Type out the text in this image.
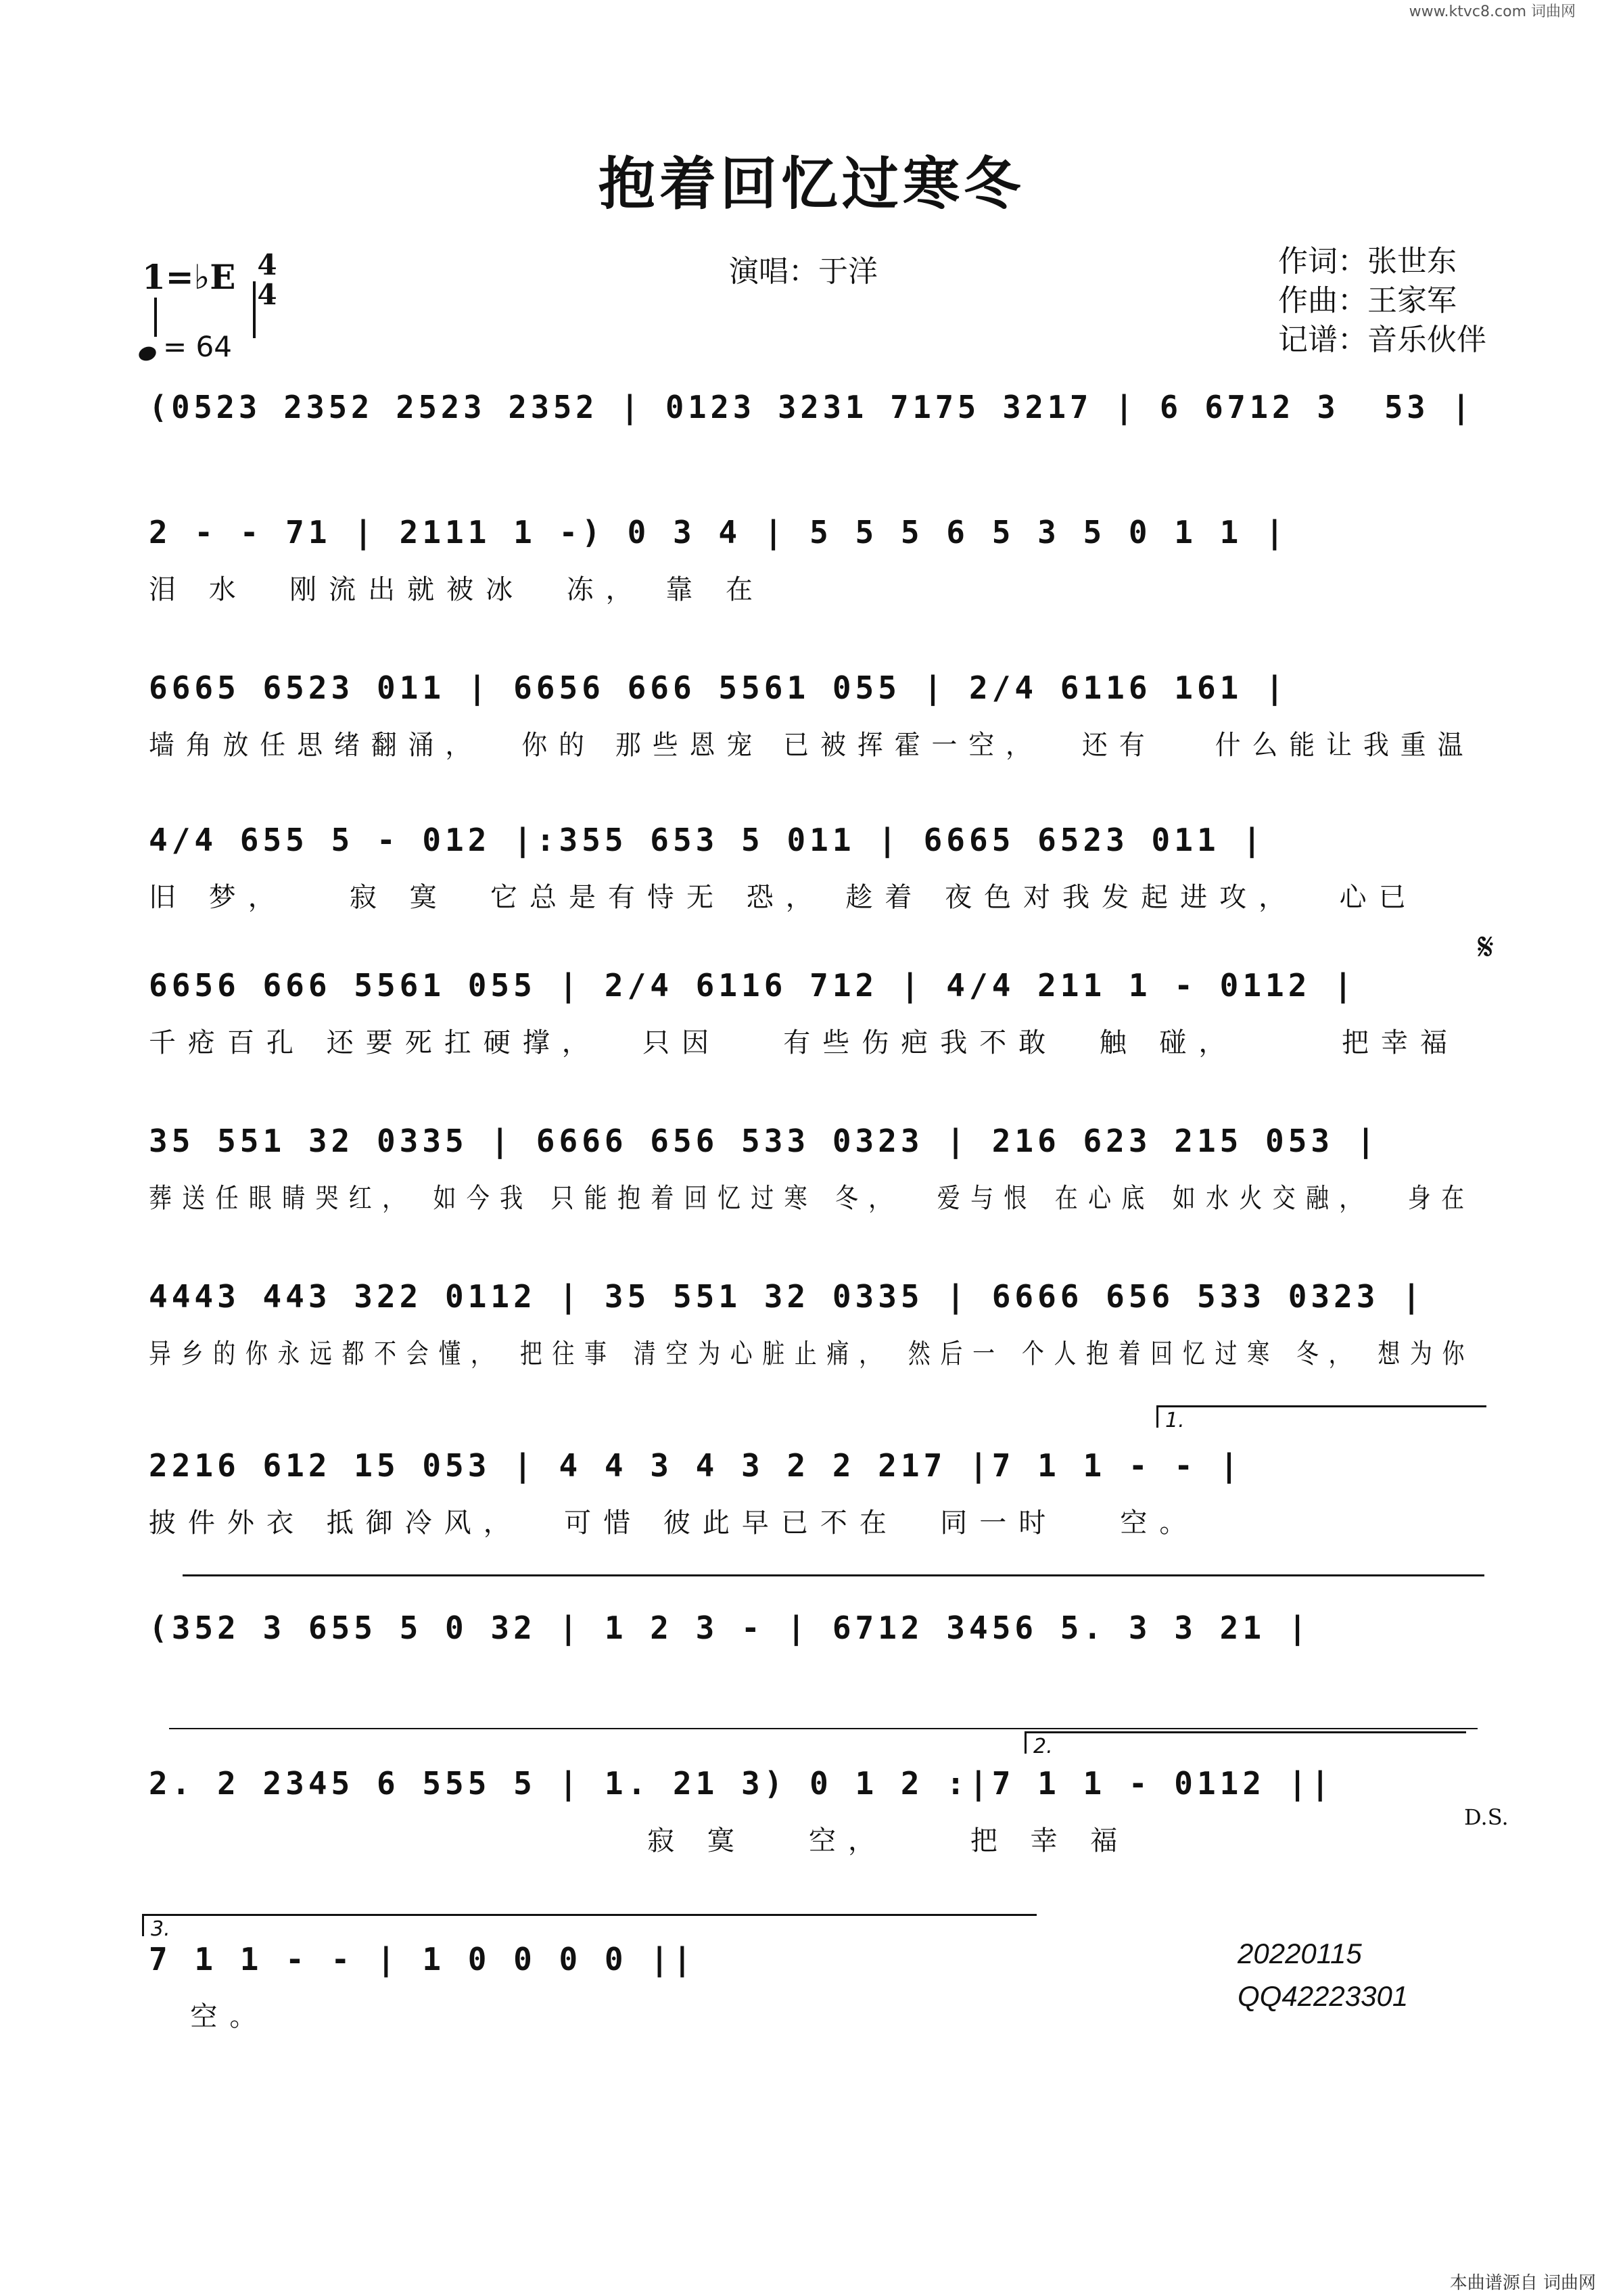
www.ktvc8.com 词曲网
抱着回忆过寒冬
演唱：于洋	作词：张世东
作曲：王家军
记谱：音乐伙伴
1=♭E 4
4
= 64
(0523 2352 2523 2352 | 0123 3231 7175 3217 | 6 6712 3  53 |
2 - - 71 | 2111 1 -) 0 3 4 | 5 5 5 6 5 3 5 0 1 1 |
泪 水  刚流出就被冰  冻， 靠 在
6665 6523 011 | 6656 666 5561 055 | 2/4 6116 161 |
墙角放任思绪翻涌，  你的 那些恩宠 已被挥霍一空，  还有   什么能让我重温
4/4 655 5 - 012 |:355 653 5 011 | 6665 6523 011 |
旧 梦，   寂 寞  它总是有恃无 恐， 趁着 夜色对我发起进攻，  心已
6656 666 5561 055 | 2/4 6116 712 | 4/4 211 1 - 0112 |
千疮百孔 还要死扛硬撑，  只因   有些伤疤我不敢  触 碰，     把幸福
35 551 32 0335 | 6666 656 533 0323 | 216 623 215 053 |
葬送任眼睛哭红， 如今我 只能抱着回忆过寒 冬，  爱与恨 在心底 如水火交融，  身在
4443 443 322 0112 | 35 551 32 0335 | 6666 656 533 0323 |
异乡的你永远都不会懂， 把往事 清空为心脏止痛， 然后一 个人抱着回忆过寒 冬， 想为你
2216 612 15 053 | 4 4 3 4 3 2 2 217 |7 1 1 - - |
披件外衣 抵御冷风，  可惜 彼此早已不在  同一时   空。
(352 3 655 5 0 32 | 1 2 3 - | 6712 3456 5. 3 3 21 |
2. 2 2345 6 555 5 | 1. 21 3) 0 1 2 :|7 1 1 - 0112 ||
寂 寞   空，    把 幸 福
7 1 1 - - | 1 0 0 0 0 ||
空。
𝄋
D.S.
20220115
QQ42223301
本曲谱源自 词曲网
1.
2.
3.
